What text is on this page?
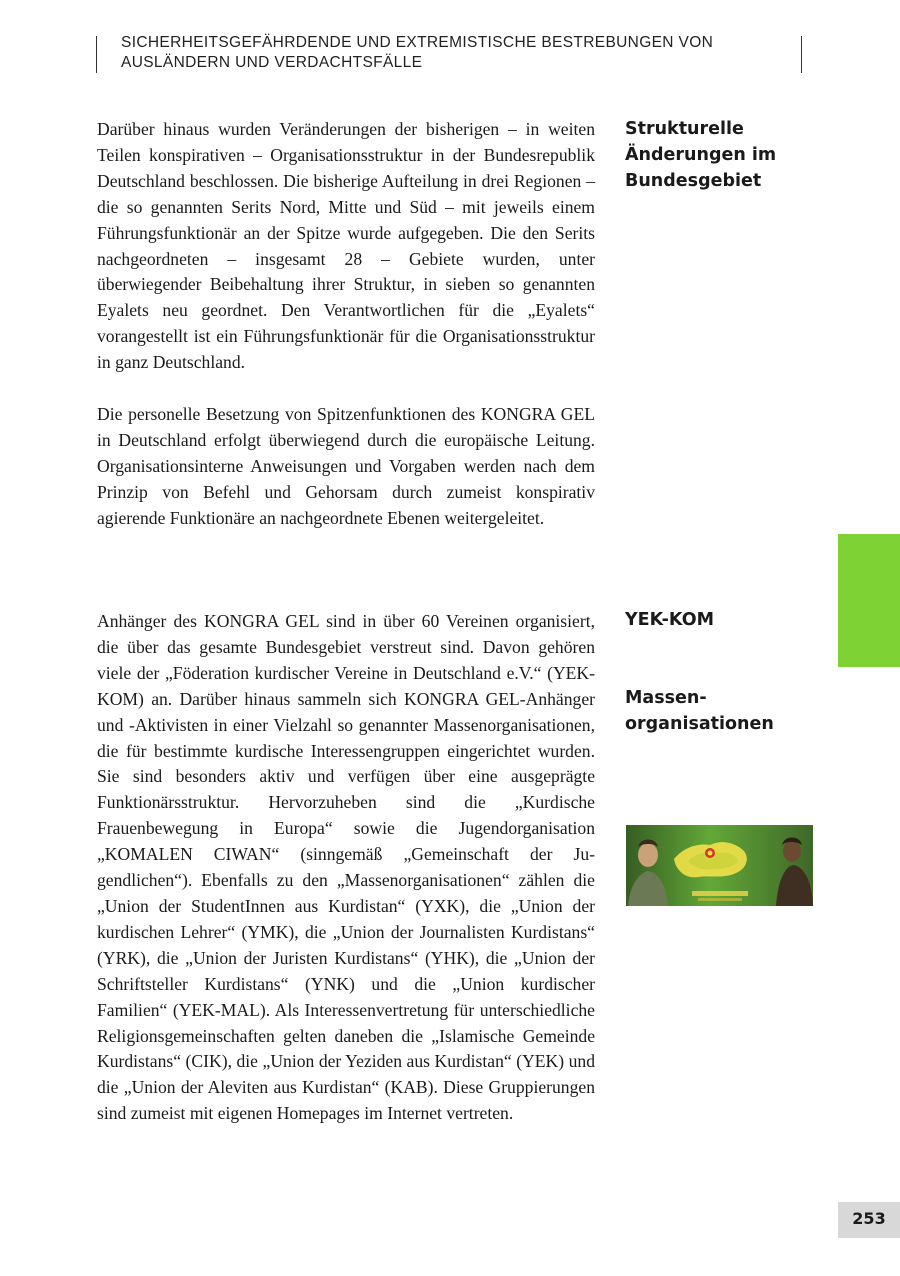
SICHERHEITSGEFÄHRDENDE UND EXTREMISTISCHE BESTREBUNGEN VON
AUSLÄNDERN UND VERDACHTSFÄLLE

Darüber hinaus wurden Veränderungen der bisherigen – in weiten Teilen konspirativen – Organisationsstruktur in der Bundesrepublik Deutschland beschlossen. Die bisherige Aufteilung in drei Regionen – die so genannten Serits Nord, Mitte und Süd – mit jeweils einem Führungsfunktionär an der Spitze wurde aufgegeben. Die den Serits nachgeordneten – insgesamt 28 – Gebiete wurden, unter überwiegender Beibehaltung ihrer Struktur, in sieben so genannten Eyalets neu geordnet. Den Verantwortlichen für die „Eyalets“ vorangestellt ist ein Führungsfunktionär für die Organisationsstruktur in ganz Deutschland.

Die personelle Besetzung von Spitzenfunktionen des KONGRA GEL in Deutschland erfolgt überwiegend durch die europäische Leitung. Organisationsinterne Anweisungen und Vorgaben werden nach dem Prinzip von Befehl und Gehorsam durch zumeist konspirativ agierende Funktionäre an nachgeordnete Ebenen weitergeleitet.

Anhänger des KONGRA GEL sind in über 60 Vereinen organisiert, die über das gesamte Bundesgebiet verstreut sind. Davon gehören viele der „Föderation kurdischer Vereine in Deutschland e.V.“ (YEK-KOM) an. Darüber hinaus sammeln sich KONGRA GEL-Anhänger und -Aktivisten in einer Vielzahl so genannter Massenorganisationen, die für bestimmte kurdische Interessengruppen eingerichtet wurden. Sie sind besonders aktiv und verfügen über eine ausgeprägte Funktionärsstruktur. Hervorzuheben sind die „Kurdische Frauenbewegung in Europa“ sowie die Jugendorganisation „KOMALEN CIWAN“ (sinngemäß „Gemeinschaft der Jugendlichen“). Ebenfalls zu den „Massenorganisationen“ zählen die „Union der StudentInnen aus Kurdistan“ (YXK), die „Union der kurdischen Lehrer“ (YMK), die „Union der Journalisten Kurdistans“ (YRK), die „Union der Juristen Kurdistans“ (YHK), die „Union der Schriftsteller Kurdistans“ (YNK) und die „Union kurdischer Familien“ (YEK-MAL). Als Interessenvertretung für unterschiedliche Religionsgemeinschaften gelten daneben die „Islamische Gemeinde Kurdistans“ (CIK), die „Union der Yeziden aus Kurdistan“ (YEK) und die „Union der Aleviten aus Kurdistan“ (KAB). Diese Gruppierungen sind zumeist mit eigenen Homepages im Internet vertreten.

Strukturelle
Änderungen im
Bundesgebiet
YEK-KOM
Massen-
organisationen
253
